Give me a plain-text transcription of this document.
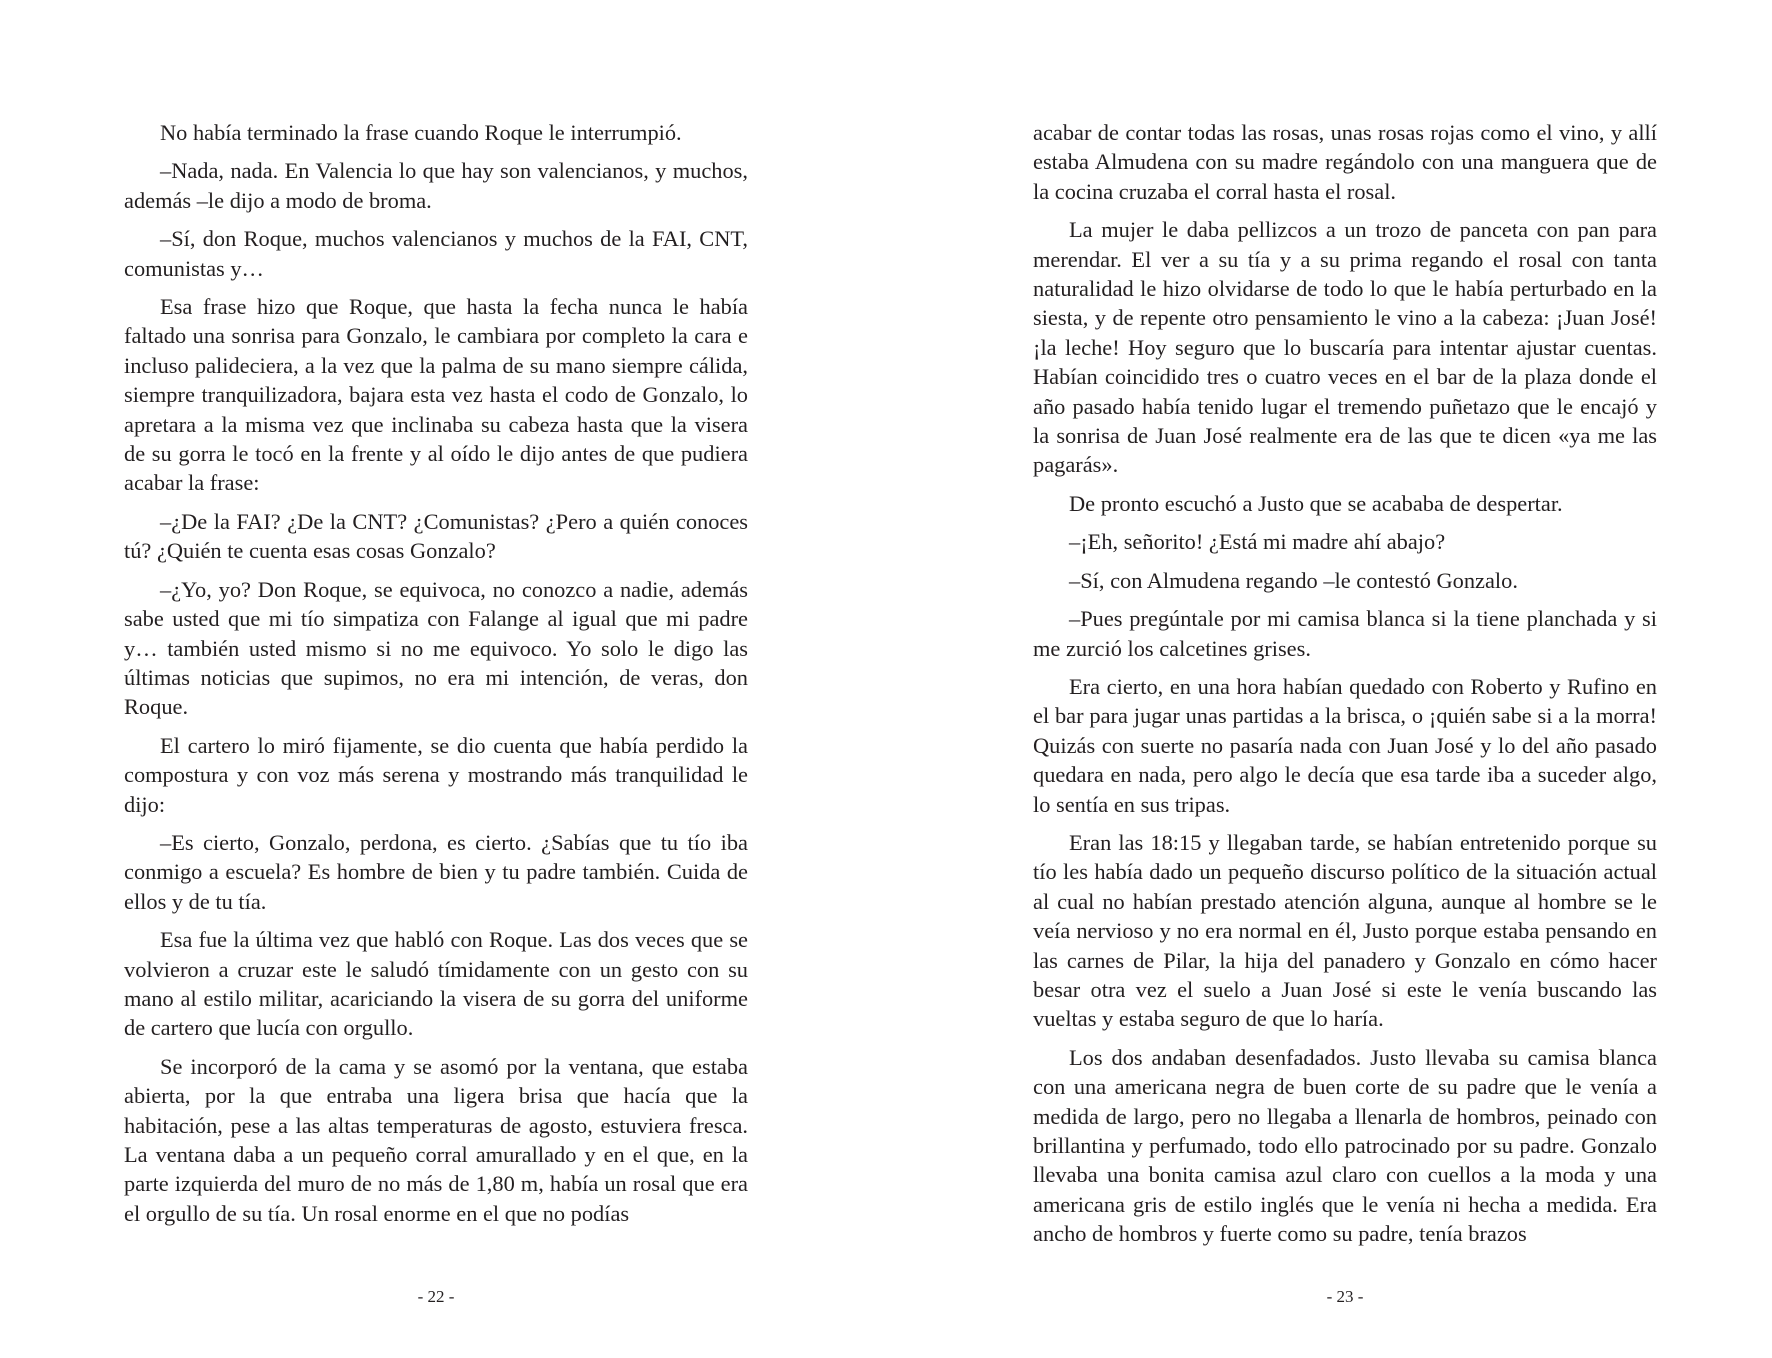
No había terminado la frase cuando Roque le interrumpió.

–Nada, nada. En Valencia lo que hay son valencianos, y muchos, además –le dijo a modo de broma.

–Sí, don Roque, muchos valencianos y muchos de la FAI, CNT, comunistas y…

Esa frase hizo que Roque, que hasta la fecha nunca le había faltado una sonrisa para Gonzalo, le cambiara por completo la cara e incluso palideciera, a la vez que la palma de su mano siempre cálida, siempre tranquilizadora, bajara esta vez hasta el codo de Gonzalo, lo apretara a la misma vez que inclinaba su cabeza hasta que la visera de su gorra le tocó en la frente y al oído le dijo antes de que pudiera acabar la frase:

–¿De la FAI? ¿De la CNT? ¿Comunistas? ¿Pero a quién conoces tú? ¿Quién te cuenta esas cosas Gonzalo?

–¿Yo, yo? Don Roque, se equivoca, no conozco a nadie, además sabe usted que mi tío simpatiza con Falange al igual que mi padre y… también usted mismo si no me equivoco. Yo solo le digo las últimas noticias que supimos, no era mi intención, de veras, don Roque.

El cartero lo miró fijamente, se dio cuenta que había perdido la compostura y con voz más serena y mostrando más tranquilidad le dijo:

–Es cierto, Gonzalo, perdona, es cierto. ¿Sabías que tu tío iba conmigo a escuela? Es hombre de bien y tu padre también. Cuida de ellos y de tu tía.

Esa fue la última vez que habló con Roque. Las dos veces que se volvieron a cruzar este le saludó tímidamente con un gesto con su mano al estilo militar, acariciando la visera de su gorra del uniforme de cartero que lucía con orgullo.

Se incorporó de la cama y se asomó por la ventana, que estaba abierta, por la que entraba una ligera brisa que hacía que la habitación, pese a las altas temperaturas de agosto, estuviera fresca. La ventana daba a un pequeño corral amurallado y en el que, en la parte izquierda del muro de no más de 1,80 m, había un rosal que era el orgullo de su tía. Un rosal enorme en el que no podías

- 22 -

acabar de contar todas las rosas, unas rosas rojas como el vino, y allí estaba Almudena con su madre regándolo con una manguera que de la cocina cruzaba el corral hasta el rosal.

La mujer le daba pellizcos a un trozo de panceta con pan para merendar. El ver a su tía y a su prima regando el rosal con tanta naturalidad le hizo olvidarse de todo lo que le había perturbado en la siesta, y de repente otro pensamiento le vino a la cabeza: ¡Juan José! ¡la leche! Hoy seguro que lo buscaría para intentar ajustar cuentas. Habían coincidido tres o cuatro veces en el bar de la plaza donde el año pasado había tenido lugar el tremendo puñetazo que le encajó y la sonrisa de Juan José realmente era de las que te dicen «ya me las pagarás».

De pronto escuchó a Justo que se acababa de despertar.

–¡Eh, señorito! ¿Está mi madre ahí abajo?

–Sí, con Almudena regando –le contestó Gonzalo.

–Pues pregúntale por mi camisa blanca si la tiene planchada y si me zurció los calcetines grises.

Era cierto, en una hora habían quedado con Roberto y Rufino en el bar para jugar unas partidas a la brisca, o ¡quién sabe si a la morra! Quizás con suerte no pasaría nada con Juan José y lo del año pasado quedara en nada, pero algo le decía que esa tarde iba a suceder algo, lo sentía en sus tripas.

Eran las 18:15 y llegaban tarde, se habían entretenido porque su tío les había dado un pequeño discurso político de la situación actual al cual no habían prestado atención alguna, aunque al hombre se le veía nervioso y no era normal en él, Justo porque estaba pensando en las carnes de Pilar, la hija del panadero y Gonzalo en cómo hacer besar otra vez el suelo a Juan José si este le venía buscando las vueltas y estaba seguro de que lo haría.

Los dos andaban desenfadados. Justo llevaba su camisa blanca con una americana negra de buen corte de su padre que le venía a medida de largo, pero no llegaba a llenarla de hombros, peinado con brillantina y perfumado, todo ello patrocinado por su padre. Gonzalo llevaba una bonita camisa azul claro con cuellos a la moda y una americana gris de estilo inglés que le venía ni hecha a medida. Era ancho de hombros y fuerte como su padre, tenía brazos

- 23 -
